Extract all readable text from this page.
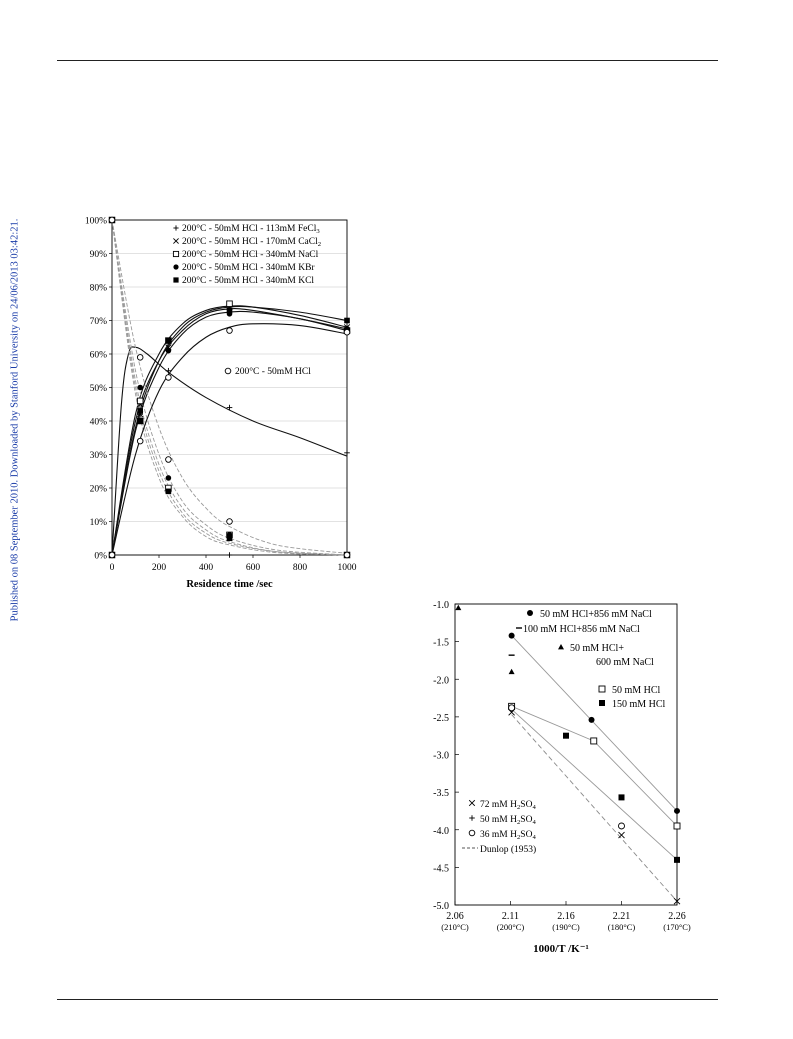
Published on 08 September 2010. Downloaded by Stanford University on 24/06/2013 03:42:21.	0%
10%
20%
30%
40%
50%
60%
70%
80%
90%
100%
0	200	400	600	800	1000
Residence time /sec
200°C - 50mM HCl - 113mM FeCl$_3$
200°C - 50mM HCl - 170mM CaCl$_2$
200°C - 50mM HCl - 340mM NaCl
200°C - 50mM HCl - 340mM KBr
200°C - 50mM HCl - 340mM KCl
200°C - 50mM HCl
-1.0
-1.5
-2.0
-2.5
-3.0
-3.5
-4.0
-4.5
-5.0
2.06
(210°C)
2.11
(200°C)
2.16
(190°C)
2.21
(180°C)
2.26
(170°C)
1000/T /K⁻¹
50 mM HCl+856 mM NaCl
100 mM HCl+856 mM NaCl
50 mM HCl+
600 mM NaCl
50 mM HCl
150 mM HCl
72 mM $H_2SO_4$
50 mM $H_2SO_4$
36 mM $H_2SO_4$
Dunlop (1953)
